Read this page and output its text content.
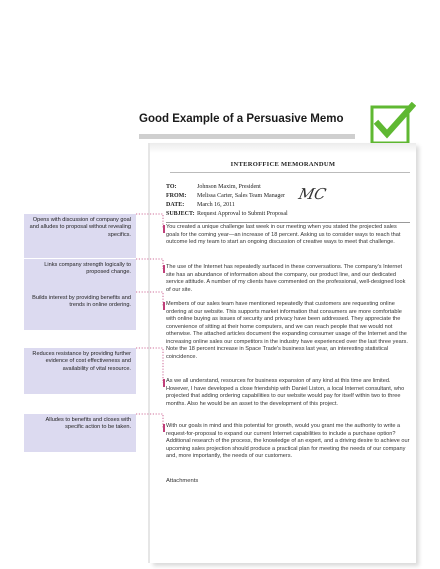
Good Example of a Persuasive Memo
INTEROFFICE MEMORANDUM
TO:	Johnson Maxim, President
FROM: Melissa Carter, Sales Team Manager
DATE: March 16, 2011
SUBJECT: Request Approval to Submit Proposal
MC
You created a unique challenge last week in our meeting when you stated the projected sales goals for the coming year—an increase of 18 percent. Asking us to consider ways to reach that outcome led my team to start an ongoing discussion of creative ways to meet that challenge.
The use of the Internet has repeatedly surfaced in these conversations. The company's Internet site has an abundance of information about the company, our product line, and our dedicated service attitude. A number of my clients have commented on the professional, well-designed look of our site.
Members of our sales team have mentioned repeatedly that customers are requesting online ordering at our website. This supports market information that consumers are more comfortable with online buying as issues of security and privacy have been addressed. They appreciate the convenience of sitting at their home computers, and we can reach people that we would not otherwise. The attached articles document the expanding consumer usage of the Internet and the increasing online sales our competitors in the industry have experienced over the last three years. Note the 18 percent increase in Space Trade's business last year, an interesting statistical coincidence.
As we all understand, resources for business expansion of any kind at this time are limited. However, I have developed a close friendship with Daniel Liston, a local Internet consultant, who projected that adding ordering capabilities to our website would pay for itself within two to three months. Also he would be an asset to the development of this project.
With our goals in mind and this potential for growth, would you grant me the authority to write a request-for-proposal to expand our current Internet capabilities to include a purchase option? Additional research of the process, the knowledge of an expert, and a driving desire to achieve our upcoming sales projection should produce a practical plan for meeting the needs of our company and, more importantly, the needs of our customers.
Attachments
Opens with discussion of company goal and alludes to proposal without revealing specifics.
Links company strength logically to proposed change.
Builds interest by providing benefits and trends in online ordering.
Reduces resistance by providing further evidence of cost effectiveness and availability of vital resource.
Alludes to benefits and closes with specific action to be taken.
